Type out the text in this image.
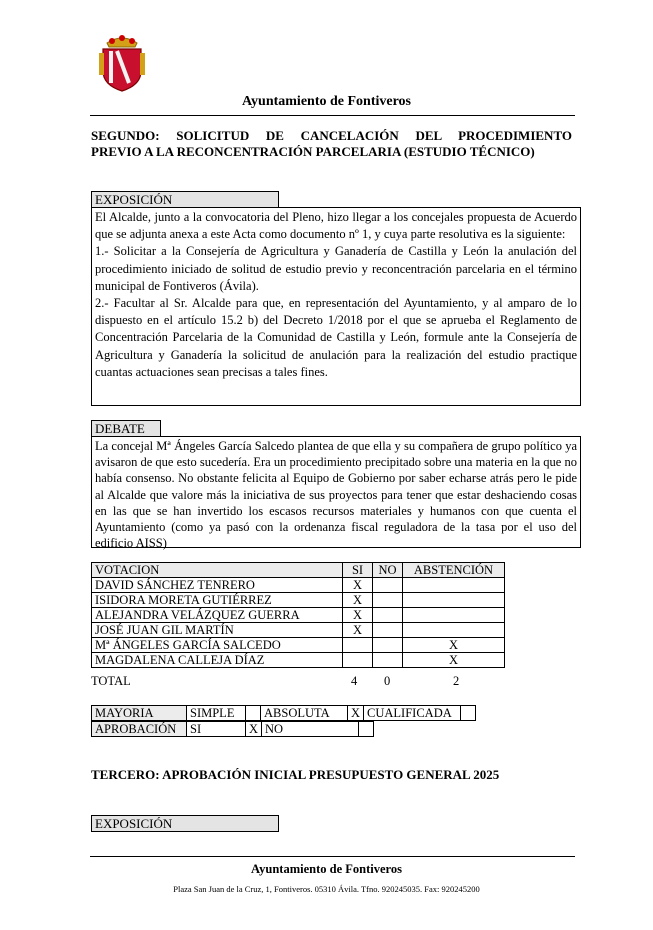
Ayuntamiento de Fontiveros
SEGUNDO: SOLICITUD DE CANCELACIÓN DEL PROCEDIMIENTO
PREVIO A LA RECONCENTRACIÓN PARCELARIA (ESTUDIO TÉCNICO)
EXPOSICIÓN

El Alcalde, junto a la convocatoria del Pleno, hizo llegar a los concejales propuesta de Acuerdo que se adjunta anexa a este Acta como documento nº 1, y cuya parte resolutiva es la siguiente:

1.- Solicitar a la Consejería de Agricultura y Ganadería de Castilla y León la anulación del procedimiento iniciado de solitud de estudio previo y reconcentración parcelaria en el término municipal de Fontiveros (Ávila).

2.- Facultar al Sr. Alcalde para que, en representación del Ayuntamiento, y al amparo de lo dispuesto en el artículo 15.2 b) del Decreto 1/2018 por el que se aprueba el Reglamento de Concentración Parcelaria de la Comunidad de Castilla y León, formule ante la Consejería de Agricultura y Ganadería la solicitud de anulación para la realización del estudio practique cuantas actuaciones sean precisas a tales fines.

DEBATE

La concejal Mª Ángeles García Salcedo plantea de que ella y su compañera de grupo político ya avisaron de que esto sucedería. Era un procedimiento precipitado sobre una materia en la que no había consenso. No obstante felicita al Equipo de Gobierno por saber echarse atrás pero le pide al Alcalde que valore más la iniciativa de sus proyectos para tener que estar deshaciendo cosas en las que se han invertido los escasos recursos materiales y humanos con que cuenta el Ayuntamiento (como ya pasó con la ordenanza fiscal reguladora de la tasa por el uso del edificio AISS)

VOTACION	SI	NO	ABSTENCIÓN
DAVID SÁNCHEZ TENRERO	X		
ISIDORA MORETA GUTIÉRREZ	X		
ALEJANDRA VELÁZQUEZ GUERRA	X		
JOSÉ JUAN GIL MARTÍN	X		
Mª ÁNGELES GARCÍA SALCEDO			X
MAGDALENA CALLEJA DÍAZ			X
TOTAL	4 0	2
MAYORIA	SIMPLE		ABSOLUTA	X	CUALIFICADA	
APROBACIÓN	SI	X	NO	
TERCERO: APROBACIÓN INICIAL PRESUPUESTO GENERAL 2025
EXPOSICIÓN
Ayuntamiento de Fontiveros
Plaza San Juan de la Cruz, 1, Fontiveros. 05310 Ávila. Tfno. 920245035. Fax: 920245200
